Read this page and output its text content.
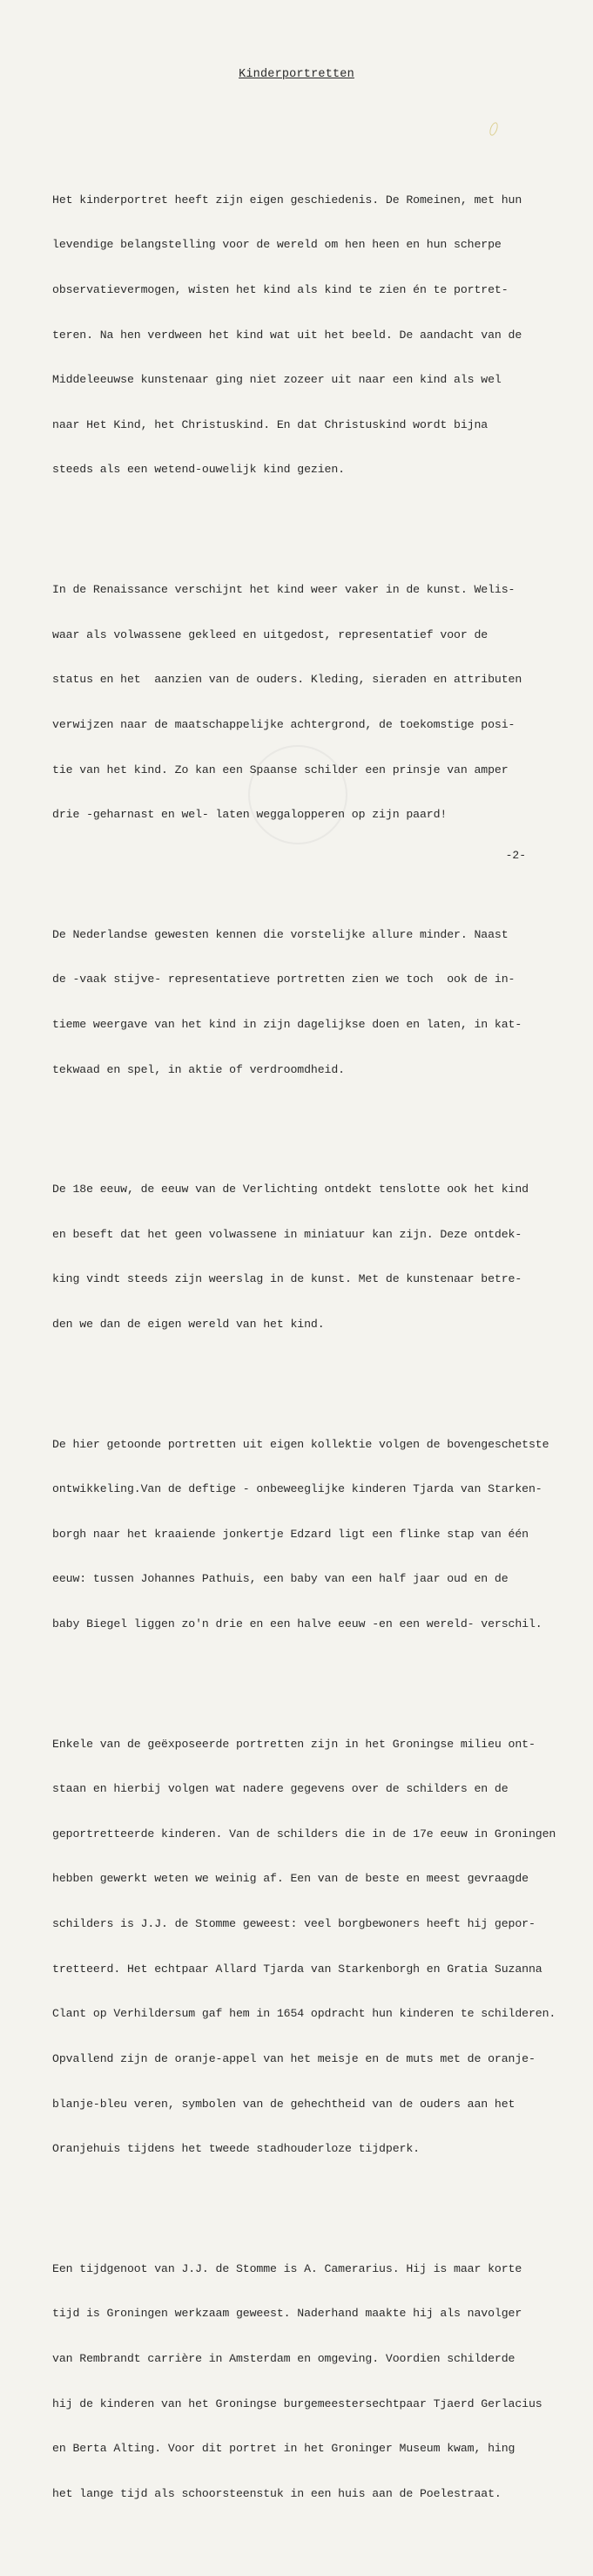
Kinderportretten

Het kinderportret heeft zijn eigen geschiedenis. De Romeinen, met hun

levendige belangstelling voor de wereld om hen heen en hun scherpe

observatievermogen, wisten het kind als kind te zien én te portret-

teren. Na hen verdween het kind wat uit het beeld. De aandacht van de

Middeleeuwse kunstenaar ging niet zozeer uit naar een kind als wel

naar Het Kind, het Christuskind. En dat Christuskind wordt bijna

steeds als een wetend-ouwelijk kind gezien.

In de Renaissance verschijnt het kind weer vaker in de kunst. Welis-

waar als volwassene gekleed en uitgedost, representatief voor de

status en het  aanzien van de ouders. Kleding, sieraden en attributen

verwijzen naar de maatschappelijke achtergrond, de toekomstige posi-

tie van het kind. Zo kan een Spaanse schilder een prinsje van amper

drie -geharnast en wel- laten weggalopperen op zijn paard!

De Nederlandse gewesten kennen die vorstelijke allure minder. Naast

de -vaak stijve- representatieve portretten zien we toch  ook de in-

tieme weergave van het kind in zijn dagelijkse doen en laten, in kat-

tekwaad en spel, in aktie of verdroomdheid.

De 18e eeuw, de eeuw van de Verlichting ontdekt tenslotte ook het kind

en beseft dat het geen volwassene in miniatuur kan zijn. Deze ontdek-

king vindt steeds zijn weerslag in de kunst. Met de kunstenaar betre-

den we dan de eigen wereld van het kind.

De hier getoonde portretten uit eigen kollektie volgen de bovengeschetste

ontwikkeling.Van de deftige - onbeweeglijke kinderen Tjarda van Starken-

borgh naar het kraaiende jonkertje Edzard ligt een flinke stap van één

eeuw: tussen Johannes Pathuis, een baby van een half jaar oud en de

baby Biegel liggen zo'n drie en een halve eeuw -en een wereld- verschil.

Enkele van de geëxposeerde portretten zijn in het Groningse milieu ont-

staan en hierbij volgen wat nadere gegevens over de schilders en de

geportretteerde kinderen. Van de schilders die in de 17e eeuw in Groningen

hebben gewerkt weten we weinig af. Een van de beste en meest gevraagde

schilders is J.J. de Stomme geweest: veel borgbewoners heeft hij gepor-

tretteerd. Het echtpaar Allard Tjarda van Starkenborgh en Gratia Suzanna

Clant op Verhildersum gaf hem in 1654 opdracht hun kinderen te schilderen.

Opvallend zijn de oranje-appel van het meisje en de muts met de oranje-

blanje-bleu veren, symbolen van de gehechtheid van de ouders aan het

Oranjehuis tijdens het tweede stadhouderloze tijdperk.

Een tijdgenoot van J.J. de Stomme is A. Camerarius. Hij is maar korte

tijd is Groningen werkzaam geweest. Naderhand maakte hij als navolger

van Rembrandt carrière in Amsterdam en omgeving. Voordien schilderde

hij de kinderen van het Groningse burgemeestersechtpaar Tjaerd Gerlacius

en Berta Alting. Voor dit portret in het Groninger Museum kwam, hing

het lange tijd als schoorsteenstuk in een huis aan de Poelestraat.

-2-
